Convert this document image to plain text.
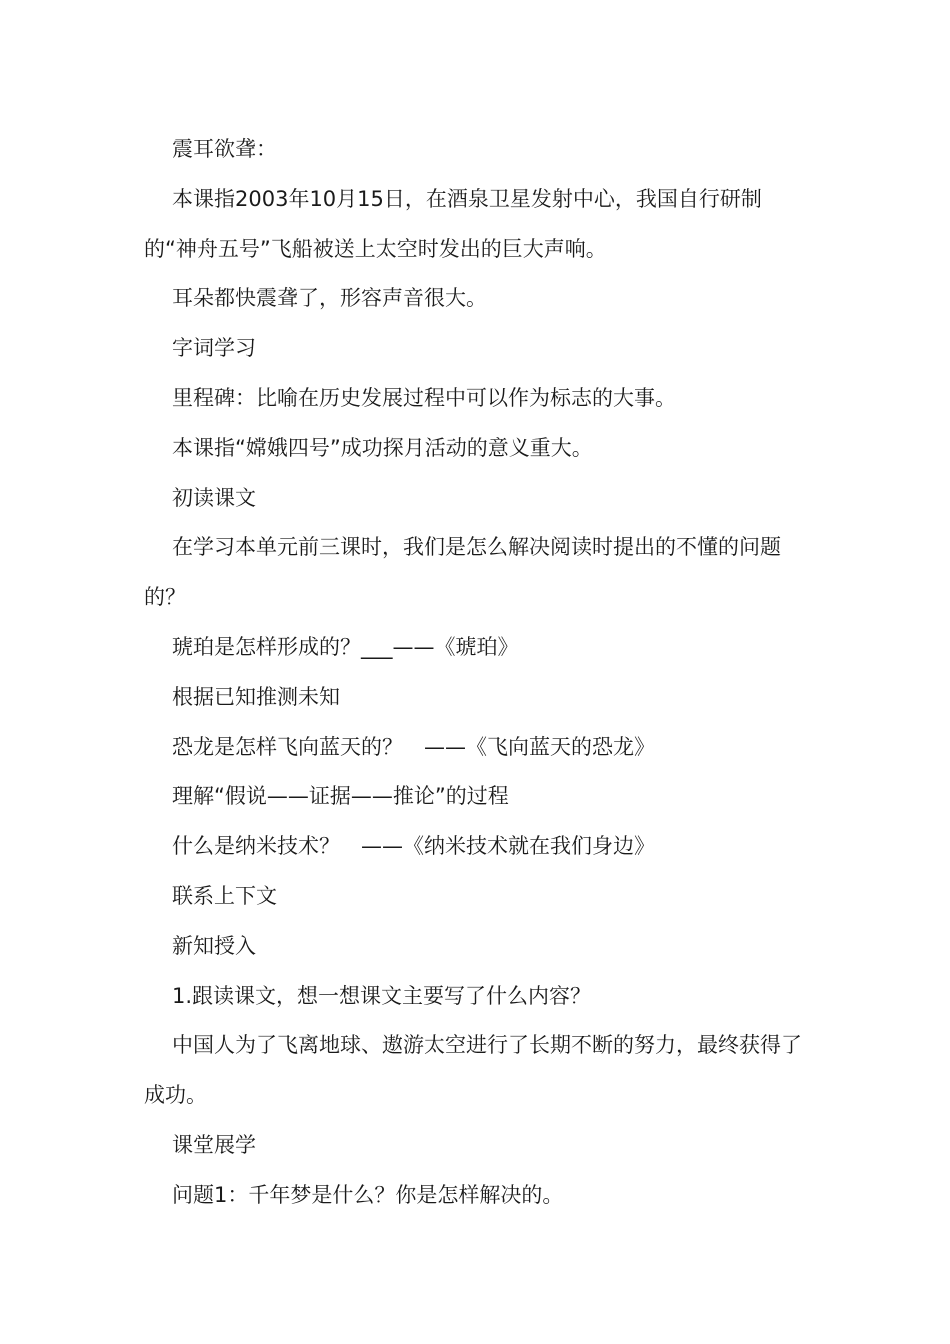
震耳欲聋：

本课指2003年10月15日，在酒泉卫星发射中心，我国自行研制的“神舟五号”飞船被送上太空时发出的巨大声响。

耳朵都快震聋了，形容声音很大。

字词学习

里程碑：比喻在历史发展过程中可以作为标志的大事。

本课指“嫦娥四号”成功探月活动的意义重大。

初读课文

在学习本单元前三课时，我们是怎么解决阅读时提出的不懂的问题的？

琥珀是怎样形成的？___——《琥珀》

根据已知推测未知

恐龙是怎样飞向蓝天的？　——《飞向蓝天的恐龙》

理解“假说——证据——推论”的过程

什么是纳米技术？　——《纳米技术就在我们身边》

联系上下文

新知授入

1.跟读课文，想一想课文主要写了什么内容？

中国人为了飞离地球、遨游太空进行了长期不断的努力，最终获得了成功。

课堂展学

问题1：千年梦是什么？你是怎样解决的。
